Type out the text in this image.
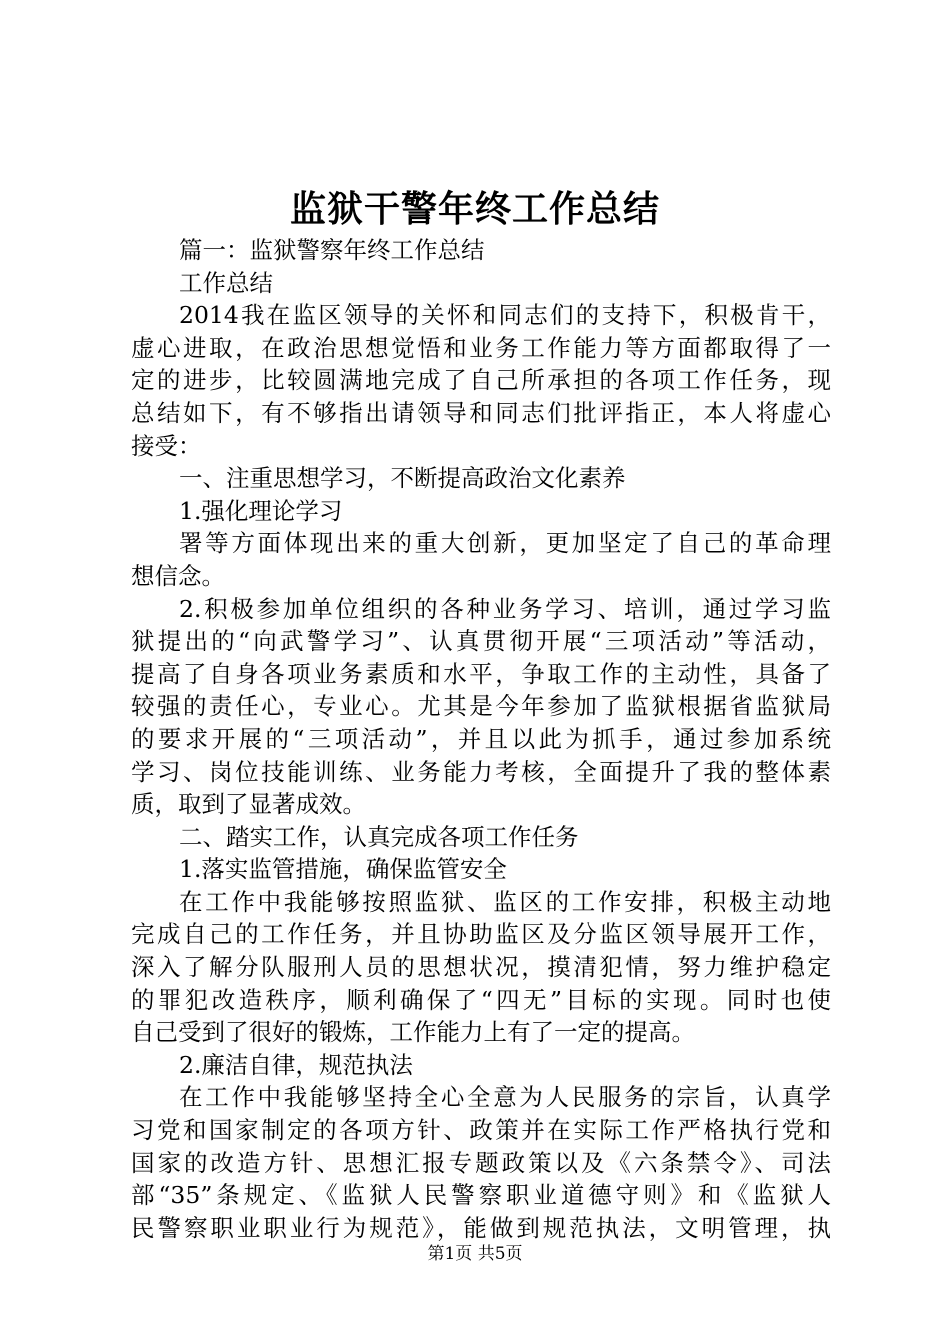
监狱干警年终工作总结
篇一：监狱警察年终工作总结
工作总结
2014我在监区领导的关怀和同志们的支持下，积极肯干，
虚心进取，在政治思想觉悟和业务工作能力等方面都取得了一
定的进步，比较圆满地完成了自己所承担的各项工作任务，现
总结如下，有不够指出请领导和同志们批评指正，本人将虚心
接受：
一、注重思想学习，不断提高政治文化素养
1.强化理论学习
署等方面体现出来的重大创新，更加坚定了自己的革命理
想信念。
2.积极参加单位组织的各种业务学习、培训，通过学习监
狱提出的“向武警学习”、认真贯彻开展“三项活动”等活动，
提高了自身各项业务素质和水平，争取工作的主动性，具备了
较强的责任心，专业心。尤其是今年参加了监狱根据省监狱局
的要求开展的“三项活动”，并且以此为抓手，通过参加系统
学习、岗位技能训练、业务能力考核，全面提升了我的整体素
质，取到了显著成效。
二、踏实工作，认真完成各项工作任务
1.落实监管措施，确保监管安全
在工作中我能够按照监狱、监区的工作安排，积极主动地
完成自己的工作任务，并且协助监区及分监区领导展开工作，
深入了解分队服刑人员的思想状况，摸清犯情，努力维护稳定
的罪犯改造秩序，顺利确保了“四无”目标的实现。同时也使
自己受到了很好的锻炼，工作能力上有了一定的提高。
2.廉洁自律，规范执法
在工作中我能够坚持全心全意为人民服务的宗旨，认真学
习党和国家制定的各项方针、政策并在实际工作严格执行党和
国家的改造方针、思想汇报专题政策以及《六条禁令》、司法
部“35”条规定、《监狱人民警察职业道德守则》和《监狱人
民警察职业职业行为规范》，能做到规范执法，文明管理，执
第1页 共5页
